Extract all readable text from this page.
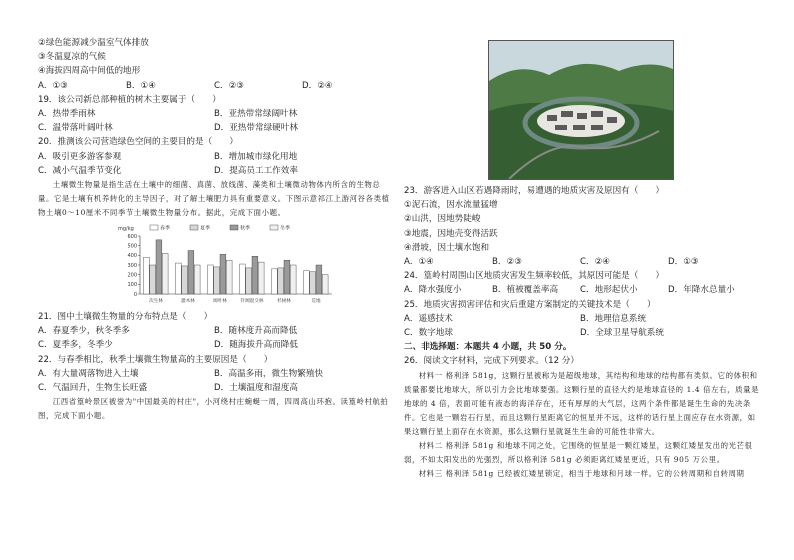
②绿色能源减少温室气体排放
③冬温夏凉的气候
④海拔四周高中间低的地形
A．①③	B．①④	C．②③	D．②④
19．该公司新总部种植的树木主要属于（　　）
A．热带季雨林	B．亚热带常绿阔叶林
C．温带落叶阔叶林	D．亚热带常绿硬叶林
20．推测该公司营造绿色空间的主要目的是（　　）
A．吸引更多游客参观	B．增加城市绿化用地
C．减小气温季节变化	D．提高员工工作效率
土壤微生物量是指生活在土壤中的细菌、真菌、放线菌、藻类和土壤微动物体内所含的生物总量。它是土壤有机养转化的主导因子，对了解土壤肥力具有重要意义。下图示意祁江上游河谷各类植物土壤0～10厘米不同季节土壤微生物量分布。据此，完成下面小题。
mg/kg
0
100
200
300
400
500
600
次生林	灌木林	阔叶林	针阔混交林	杉树林	荒地
春季	夏季	秋季	冬季
21．图中土壤微生物量的分布特点是（　　）
A．春夏季少，秋冬季多	B．随林度升高而降低
C．夏季多，冬季少	D．随海拔升高而降低
22．与春季相比，秋季土壤微生物量高的主要原因是（　　）
A．有大量凋落物进入土壤	B．高温多雨，微生物繁殖快
C．气温回升，生物生长旺盛	D．土壤温度和湿度高
江西省篁岭景区被誉为"中国最美的村庄"，小河绕村庄蜿蜒一周，四周高山环抱。读篁岭村航拍图，完成下面小题。
23．游客进入山区若遇降雨时，易遭遇的地质灾害及原因有（　　）
①泥石流，因水流量猛增
②山洪，因地势陡峻
③地震，因地壳变得活跃
④滑坡，因土壤水饱和
A．①④	B．②③	C．②④	D．①③
24．篁岭村周围山区地质灾害发生频率较低，其原因可能是（　　）
A．降水强度小	B．植被覆盖率高	C．地形起伏小	D．年降水总量小
25．地质灾害损害评估和灾后重建方案制定的关键技术是（　　）
A．遥感技术	B．地理信息系统
C．数字地球	D．全球卫星导航系统
二、非选择题：本题共 4 小题，共 50 分。
26．阅读文字材料，完成下列要求。（12 分）
材料一 格利泽 581g，这颗行星被称为是超级地球，其结构和地球的结构都有类似。它的体积和质量都要比地球大，所以引力会比地球要强。这颗行星的直径大约是地球直径的 1.4 倍左右，质量是地球的 4 倍，表面可能有液态的海洋存在，还有厚厚的大气层，这两个条件都是诞生生命的先决条件。它也是一颗岩石行星，而且这颗行星距离它的恒星并不远，这样的话行星上面应存在水资源，如果这颗行星上面存在水资源，那么这颗行星就诞生生命的可能性非常大。
材料二 格利泽 581g 和地球不同之处，它围绕的恒星是一颗红矮星，这颗红矮星发出的光芒很弱，不如太阳发出的光强烈，所以格利泽 581g 必须距离红矮星更近，只有 905 万公里。
材料三 格利泽 581g 已经被红矮星锁定，相当于地球和月球一样。它的公转周期和自转周期
